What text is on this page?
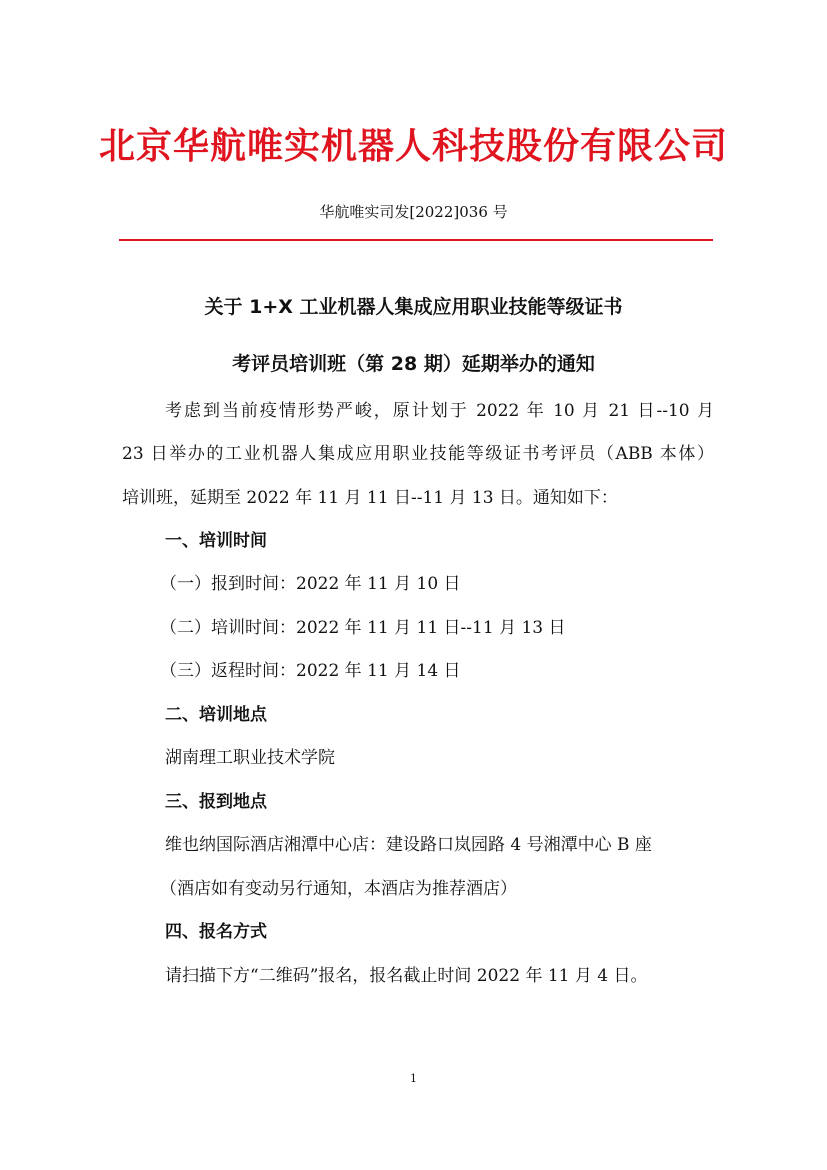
北京华航唯实机器人科技股份有限公司

华航唯实司发[2022]036 号

关于 1+X 工业机器人集成应用职业技能等级证书
考评员培训班（第 28 期）延期举办的通知

考虑到当前疫情形势严峻，原计划于 2022 年 10 月 21 日--10 月

23 日举办的工业机器人集成应用职业技能等级证书考评员（ABB 本体）

培训班，延期至 2022 年 11 月 11 日--11 月 13 日。通知如下：

一、培训时间

（一）报到时间：2022 年 11 月 10 日

（二）培训时间：2022 年 11 月 11 日--11 月 13 日

（三）返程时间：2022 年 11 月 14 日

二、培训地点

湖南理工职业技术学院

三、报到地点

维也纳国际酒店湘潭中心店：建设路口岚园路 4 号湘潭中心 B 座

（酒店如有变动另行通知，本酒店为推荐酒店）

四、报名方式

请扫描下方“二维码”报名，报名截止时间 2022 年 11 月 4 日。

1
